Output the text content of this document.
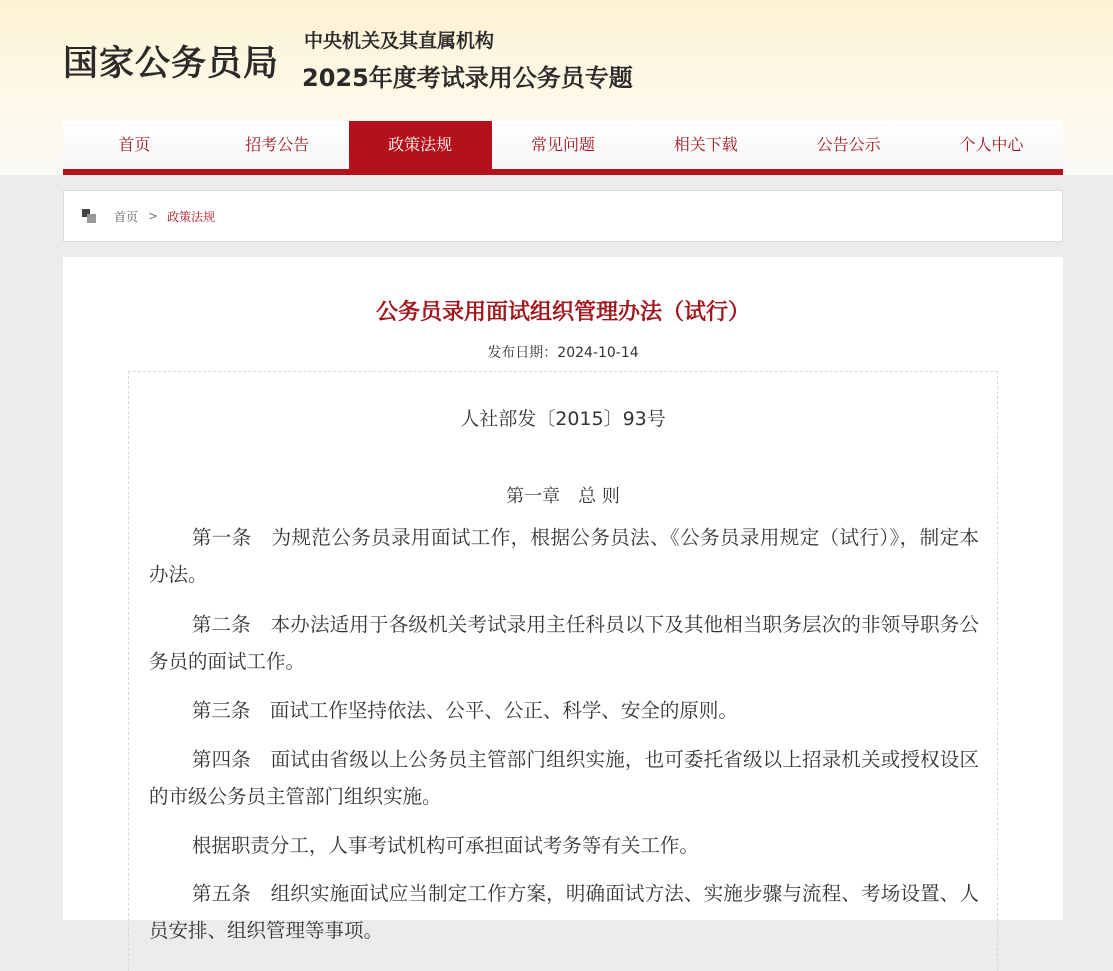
国家公务员局
中央机关及其直属机构
2025年度考试录用公务员专题
首页	招考公告	政策法规	常见问题	相关下载	公告公示	个人中心
首页 > 政策法规
公务员录用面试组织管理办法（试行）
发布日期：2024-10-14
人社部发〔2015〕93号
第一章　总 则
第一条　为规范公务员录用面试工作，根据公务员法、《公务员录用规定（试行）》，制定本办法。
第二条　本办法适用于各级机关考试录用主任科员以下及其他相当职务层次的非领导职务公务员的面试工作。
第三条　面试工作坚持依法、公平、公正、科学、安全的原则。
第四条　面试由省级以上公务员主管部门组织实施，也可委托省级以上招录机关或授权设区的市级公务员主管部门组织实施。
根据职责分工，人事考试机构可承担面试考务等有关工作。
第五条　组织实施面试应当制定工作方案，明确面试方法、实施步骤与流程、考场设置、人员安排、组织管理等事项。
